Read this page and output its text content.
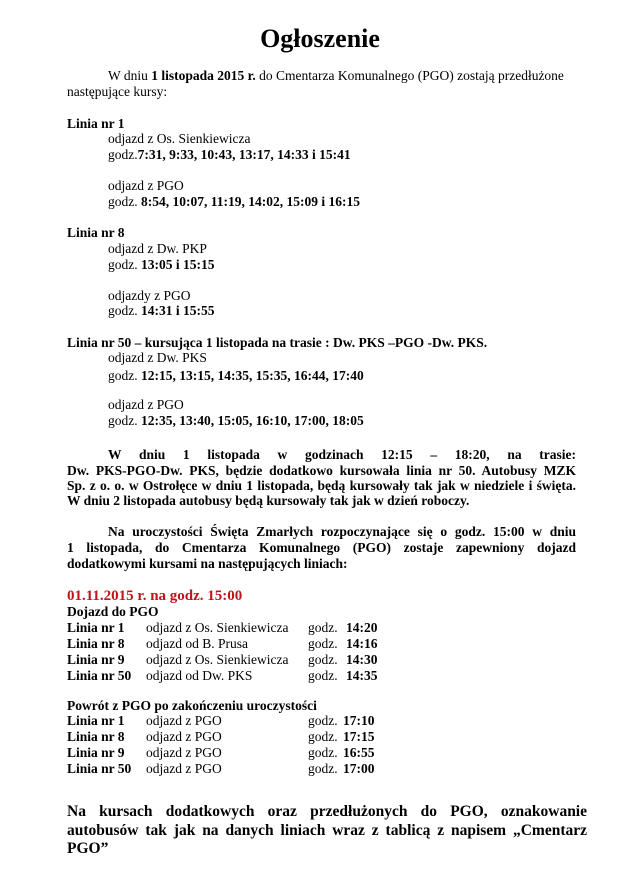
Ogłoszenie
W dniu 1 listopada 2015 r. do Cmentarza Komunalnego (PGO) zostają przedłużone
następujące kursy:
Linia nr 1
odjazd z Os. Sienkiewicza
godz.7:31, 9:33, 10:43, 13:17, 14:33 i 15:41
odjazd z PGO
godz. 8:54, 10:07, 11:19, 14:02, 15:09 i 16:15
Linia nr 8
odjazd z Dw. PKP
godz. 13:05 i 15:15
odjazdy z PGO
godz. 14:31 i 15:55
Linia nr 50 – kursująca 1 listopada na trasie : Dw. PKS –PGO -Dw. PKS.
odjazd z Dw. PKS
godz. 12:15, 13:15, 14:35, 15:35, 16:44, 17:40
odjazd z PGO
godz. 12:35, 13:40, 15:05, 16:10, 17:00, 18:05
W dniu 1 listopada w godzinach 12:15 – 18:20, na trasie:
Dw. PKS-PGO-Dw. PKS, będzie dodatkowo kursowała linia nr 50. Autobusy MZK
Sp. z o. o. w Ostrołęce w dniu 1 listopada, będą kursowały tak jak w niedziele i święta.
W dniu 2 listopada autobusy będą kursowały tak jak w dzień roboczy.
Na uroczystości Święta Zmarłych rozpoczynające się o godz. 15:00 w dniu
1 listopada, do Cmentarza Komunalnego (PGO) zostaje zapewniony dojazd
dodatkowymi kursami na następujących liniach:
01.11.2015 r. na godz. 15:00
Dojazd do PGO
Linia nr 1 odjazd z Os. Sienkiewicza godz. 14:20
Linia nr 8 odjazd od B. Prusa	godz. 14:16
Linia nr 9 odjazd z Os. Sienkiewicza godz. 14:30
Linia nr 50 odjazd od Dw. PKS	godz. 14:35
Powrót z PGO po zakończeniu uroczystości
Linia nr 1 odjazd z PGO	godz. 17:10
Linia nr 8 odjazd z PGO	godz. 17:15
Linia nr 9 odjazd z PGO	godz. 16:55
Linia nr 50 odjazd z PGO	godz. 17:00
Na kursach dodatkowych oraz przedłużonych do PGO, oznakowanie autobusów tak jak na danych liniach wraz z tablicą z napisem „Cmentarz PGO”
